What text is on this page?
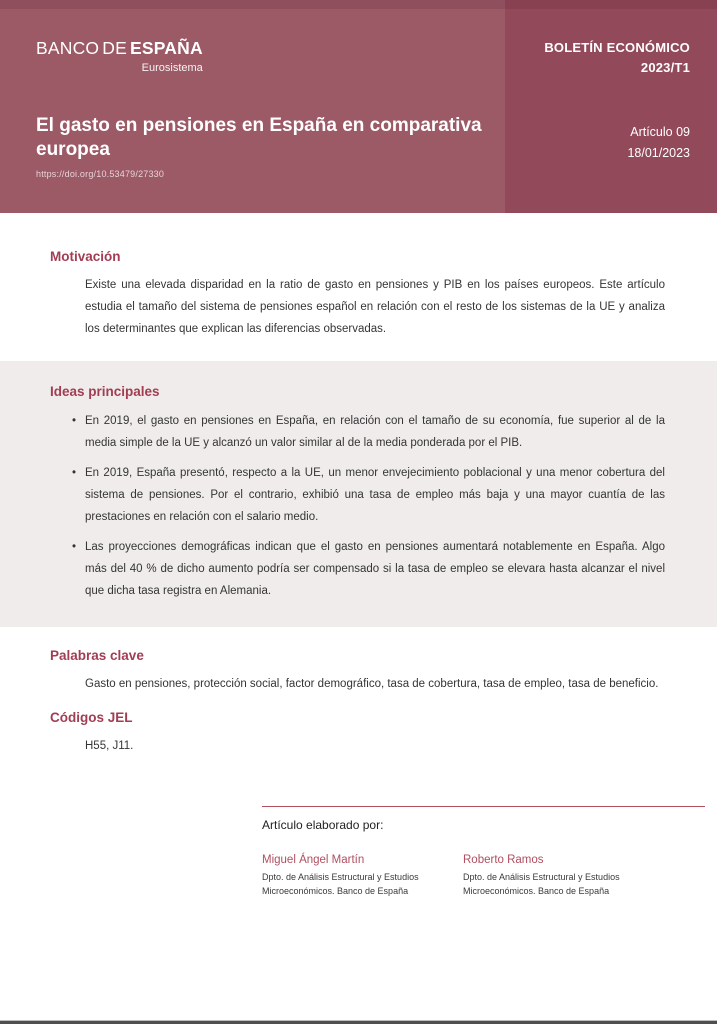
BANCO DE ESPAÑA
Eurosistema
BOLETÍN ECONÓMICO
2023/T1
Artículo 09
18/01/2023
El gasto en pensiones en España en comparativa europea
https://doi.org/10.53479/27330
Motivación

Existe una elevada disparidad en la ratio de gasto en pensiones y PIB en los países europeos. Este artículo estudia el tamaño del sistema de pensiones español en relación con el resto de los sistemas de la UE y analiza los determinantes que explican las diferencias observadas.

Ideas principales
• En 2019, el gasto en pensiones en España, en relación con el tamaño de su economía, fue superior al de la media simple de la UE y alcanzó un valor similar al de la media ponderada por el PIB.
• En 2019, España presentó, respecto a la UE, un menor envejecimiento poblacional y una menor cobertura del sistema de pensiones. Por el contrario, exhibió una tasa de empleo más baja y una mayor cuantía de las prestaciones en relación con el salario medio.
• Las proyecciones demográficas indican que el gasto en pensiones aumentará notablemente en España. Algo más del 40 % de dicho aumento podría ser compensado si la tasa de empleo se elevara hasta alcanzar el nivel que dicha tasa registra en Alemania.
Palabras clave

Gasto en pensiones, protección social, factor demográfico, tasa de cobertura, tasa de empleo, tasa de beneficio.

Códigos JEL

H55, J11.

Artículo elaborado por:

Miguel Ángel Martín
Dpto. de Análisis Estructural y Estudios
Microeconómicos. Banco de España
Roberto Ramos
Dpto. de Análisis Estructural y Estudios
Microeconómicos. Banco de España
